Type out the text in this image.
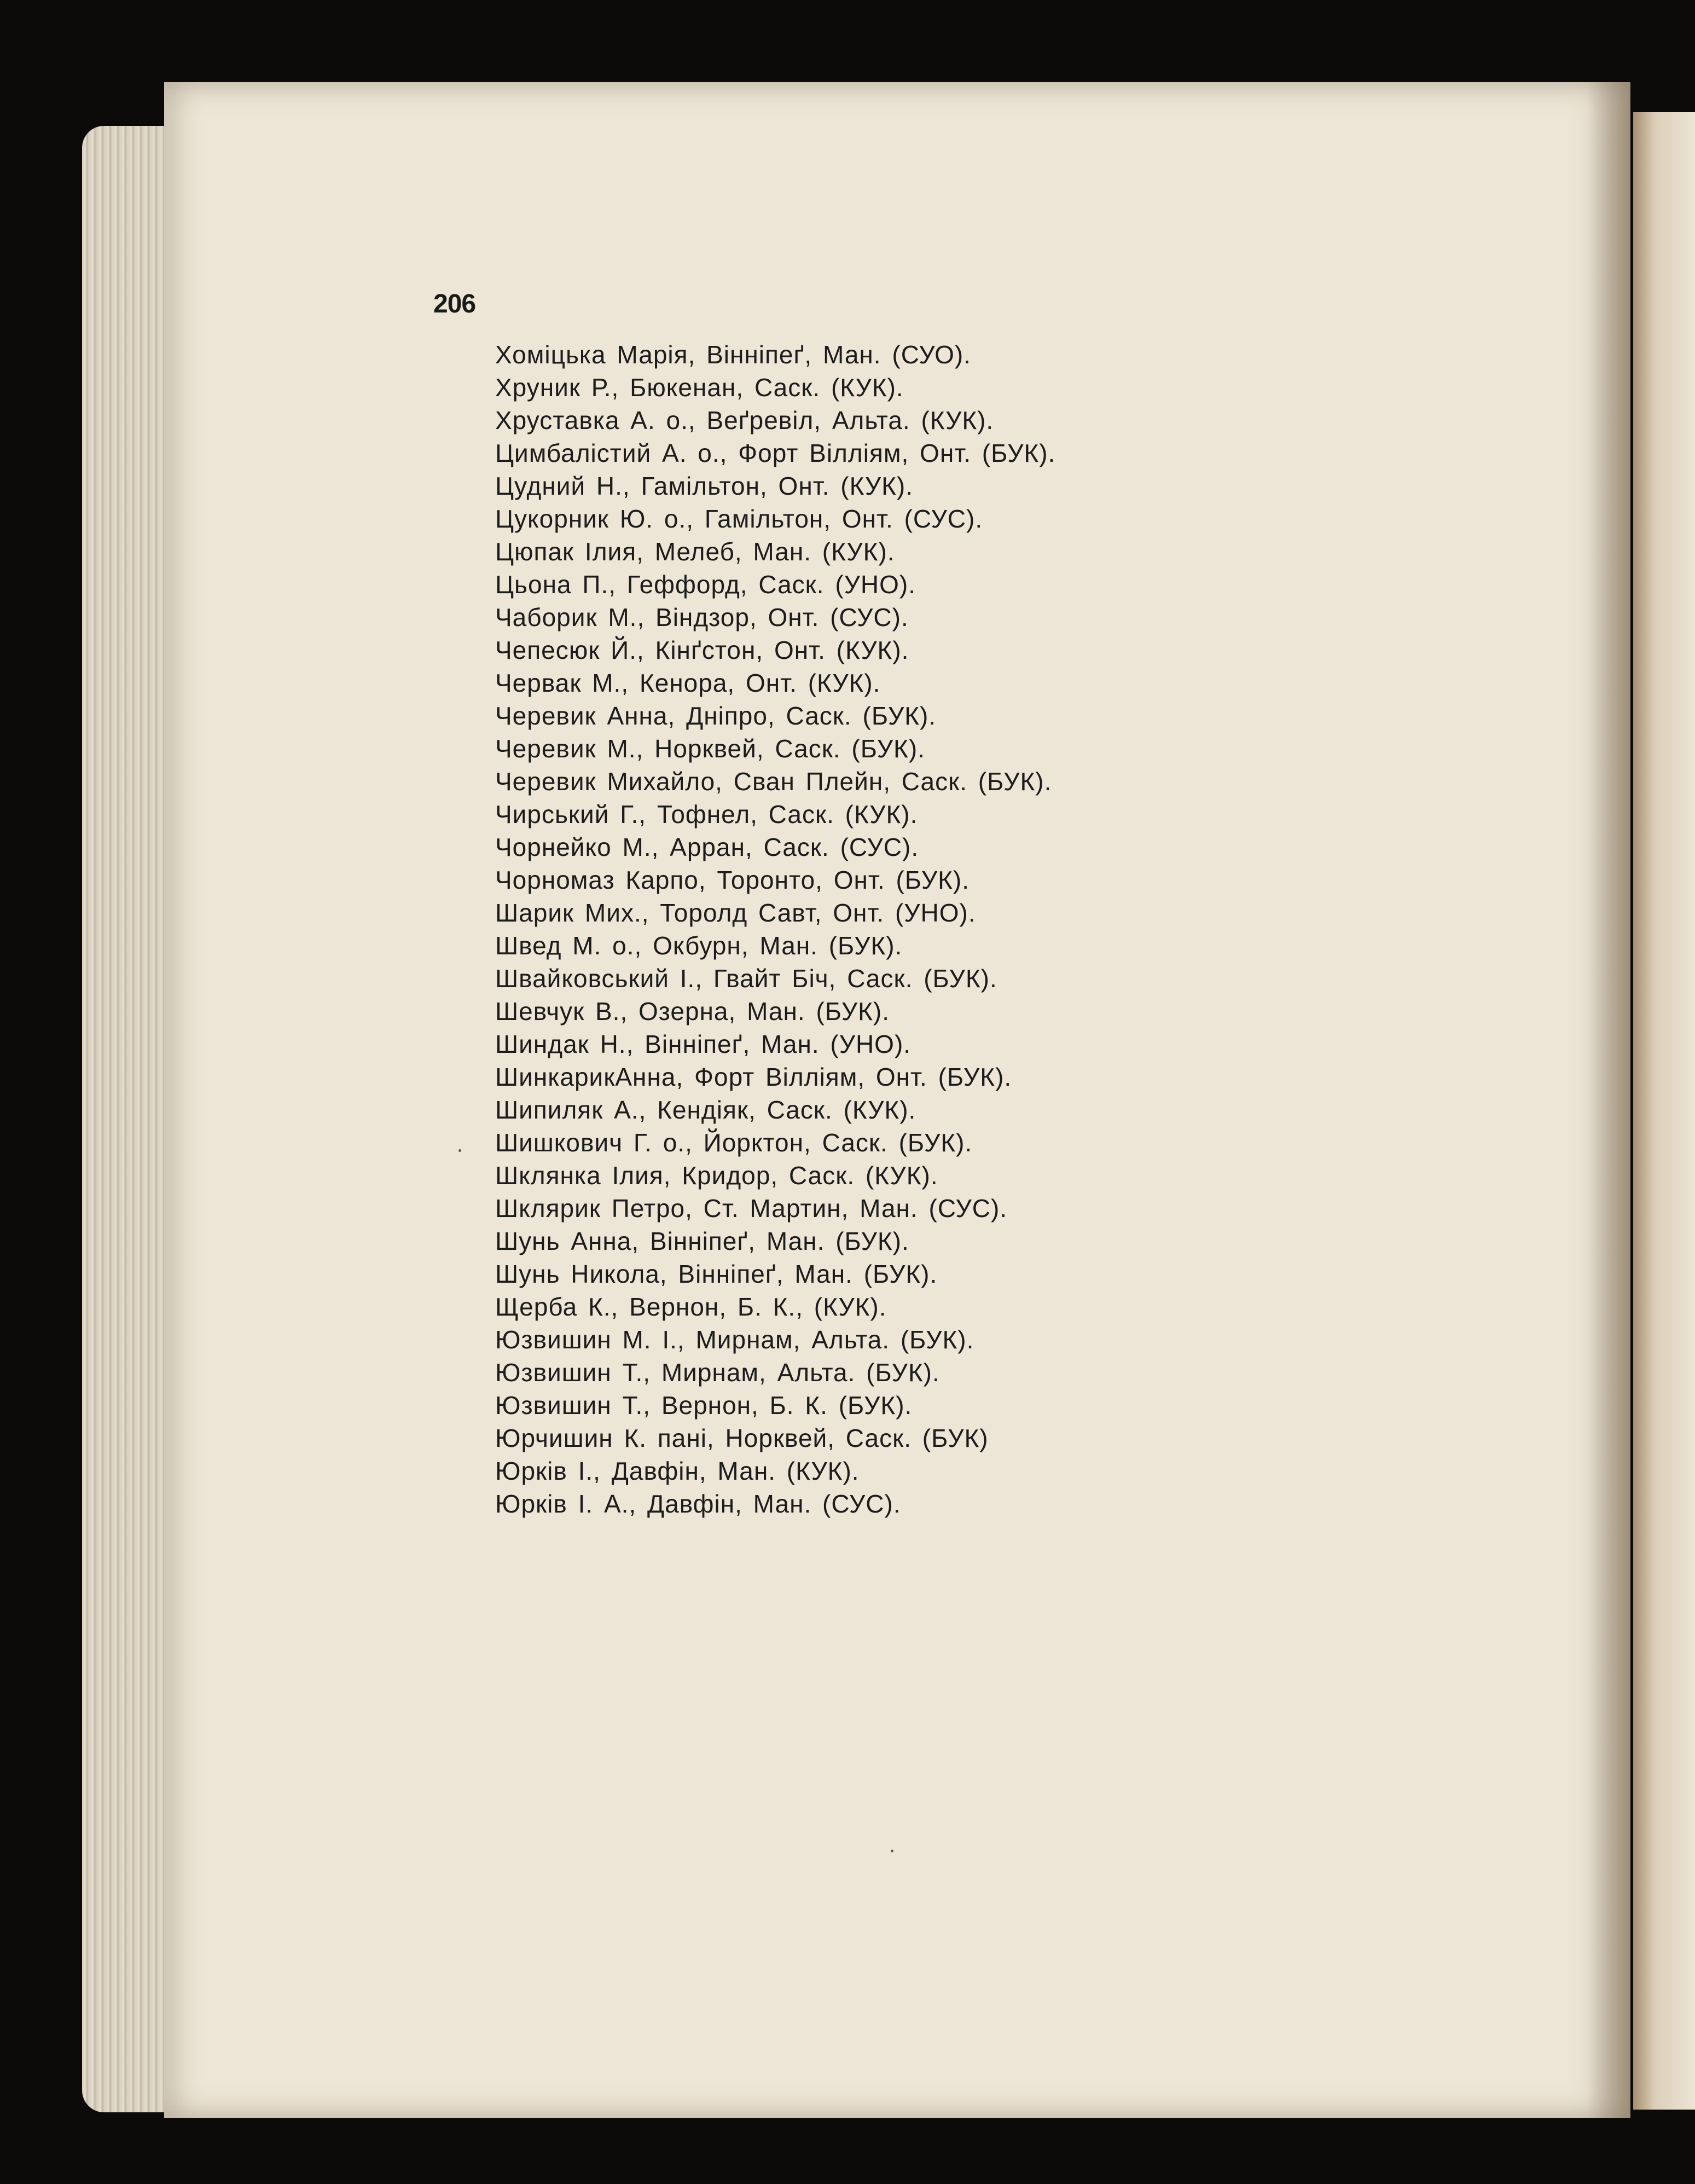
206
Хоміцька Марія, Вінніпеґ, Ман. (СУО).
Хруник Р., Бюкенан, Саск. (КУК).
Хруставка А. о., Веґревіл, Альта. (КУК).
Цимбалістий А. о., Форт Вілліям, Онт. (БУК).
Цудний Н., Гамільтон, Онт. (КУК).
Цукорник Ю. о., Гамільтон, Онт. (СУС).
Цюпак Ілия, Мелеб, Ман. (КУК).
Цьона П., Геффорд, Саск. (УНО).
Чаборик М., Віндзор, Онт. (СУС).
Чепесюк Й., Кінґстон, Онт. (КУК).
Червак М., Кенора, Онт. (КУК).
Черевик Анна, Дніпро, Саск. (БУК).
Черевик М., Норквей, Саск. (БУК).
Черевик Михайло, Сван Плейн, Саск. (БУК).
Чирський Г., Тофнел, Саск. (КУК).
Чорнейко М., Арран, Саск. (СУС).
Чорномаз Карпо, Торонто, Онт. (БУК).
Шарик Мих., Торолд Савт, Онт. (УНО).
Швед М. о., Окбурн, Ман. (БУК).
Швайковський І., Гвайт Біч, Саск. (БУК).
Шевчук В., Озерна, Ман. (БУК).
Шиндак Н., Вінніпеґ, Ман. (УНО).
ШинкарикАнна, Форт Вілліям, Онт. (БУК).
Шипиляк А., Кендіяк, Саск. (КУК).
Шишкович Г. о., Йорктон, Саск. (БУК).
Шклянка Ілия, Кридор, Саск. (КУК).
Шклярик Петро, Ст. Мартин, Ман. (СУС).
Шунь Анна, Вінніпеґ, Ман. (БУК).
Шунь Никола, Вінніпеґ, Ман. (БУК).
Щерба К., Вернон, Б. К., (КУК).
Юзвишин М. І., Мирнам, Альта. (БУК).
Юзвишин Т., Мирнам, Альта. (БУК).
Юзвишин Т., Вернон, Б. К. (БУК).
Юрчишин К. пані, Норквей, Саск. (БУК)
Юрків І., Давфін, Ман. (КУК).
Юрків І. А., Давфін, Ман. (СУС).
